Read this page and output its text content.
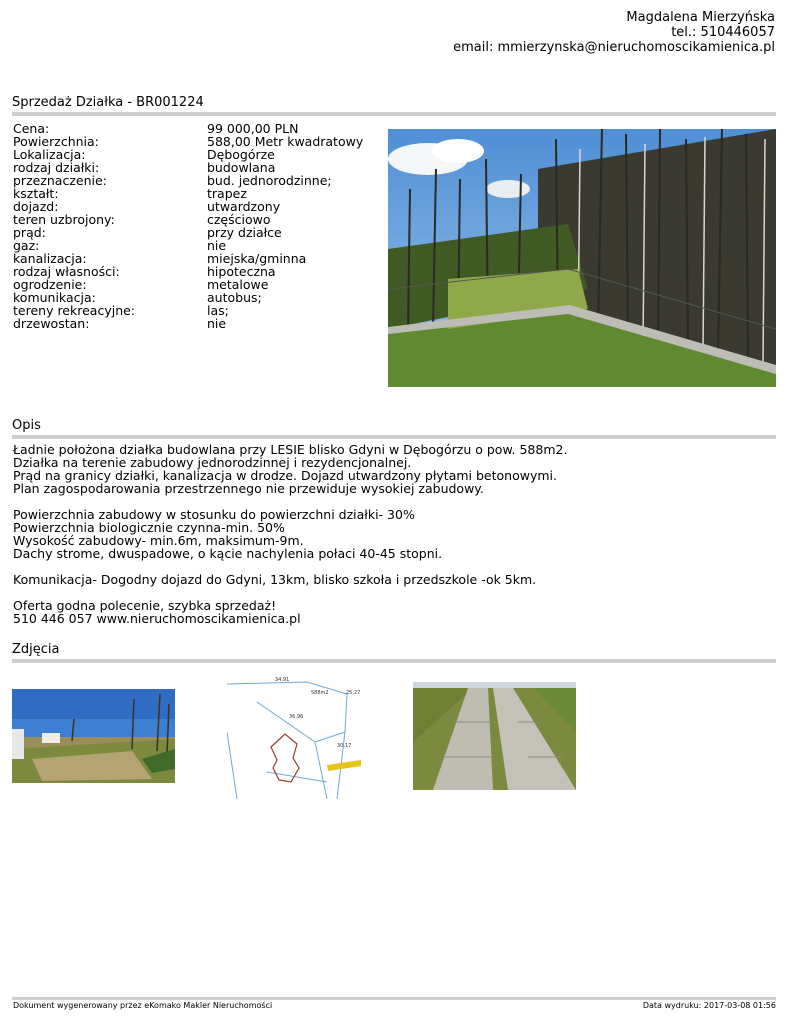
Magdalena Mierzyńska
tel.: 510446057
email: mmierzynska@nieruchomoscikamienica.pl
Sprzedaż Działka - BR001224
Cena:	99 000,00 PLN
Powierzchnia:	588,00 Metr kwadratowy
Lokalizacja:	Dębogórze
rodzaj działki:	budowlana
przeznaczenie:	bud. jednorodzinne;
kształt:	trapez
dojazd:	utwardzony
teren uzbrojony:	częściowo
prąd:	przy działce
gaz:	nie
kanalizacja:	miejska/gminna
rodzaj własności:	hipoteczna
ogrodzenie:	metalowe
komunikacja:	autobus;
tereny rekreacyjne:	las;
drzewostan:	nie
Opis

Ładnie położona działka budowlana przy LESIE blisko Gdyni w Dębogórzu o pow. 588m2.
Działka na terenie zabudowy jednorodzinnej i rezydencjonalnej.
Prąd na granicy działki, kanalizacja w drodze. Dojazd utwardzony płytami betonowymi.
Plan zagospodarowania przestrzennego nie przewiduje wysokiej zabudowy.

Powierzchnia zabudowy w stosunku do powierzchni działki- 30%
Powierzchnia biologicznie czynna-min. 50%
Wysokość zabudowy- min.6m, maksimum-9m.
Dachy strome, dwuspadowe, o kącie nachylenia połaci 40-45 stopni.

Komunikacja- Dogodny dojazd do Gdyni, 13km, blisko szkoła i przedszkole -ok 5km.

Oferta godna polecenie, szybka sprzedaż!
510 446 057 www.nieruchomoscikamienica.pl

Zdjęcia
34,91
588m2	25,27
36,96
30,17
Dokument wygenerowany przez eKomako Makler Nieruchomości	Data wydruku: 2017-03-08 01:56
